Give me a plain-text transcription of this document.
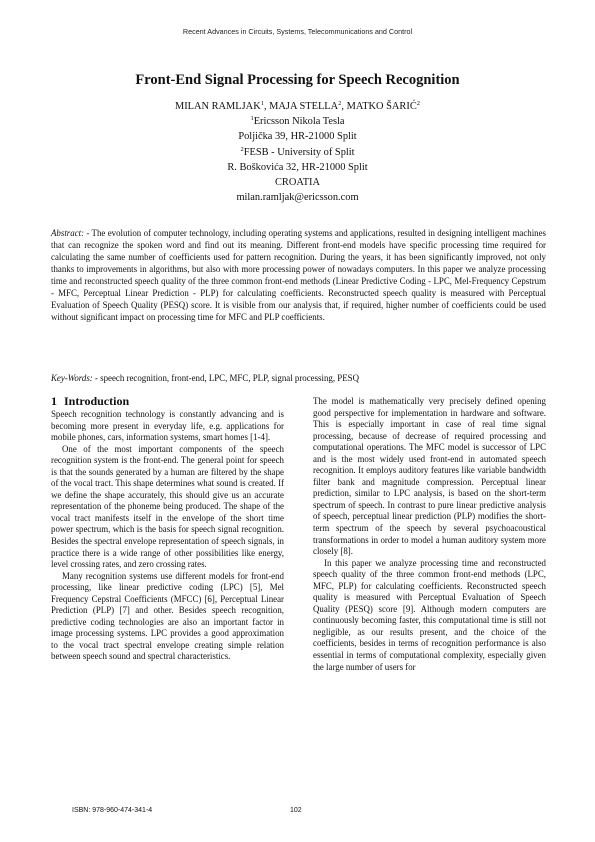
Recent Advances in Circuits, Systems, Telecommunications and Control
Front-End Signal Processing for Speech Recognition
MILAN RAMLJAK$^1$, MAJA STELLA$^2$, MATKO ŠARIĆ$^2$
$^1$Ericsson Nikola Tesla
Poljička 39, HR-21000 Split
$^2$FESB - University of Split
R. Boškovića 32, HR-21000 Split
CROATIA
milan.ramljak@ericsson.com
Abstract: - The evolution of computer technology, including operating systems and applications, resulted in designing intelligent machines that can recognize the spoken word and find out its meaning. Different front-end models have specific processing time required for calculating the same number of coefficients used for pattern recognition. During the years, it has been significantly improved, not only thanks to improvements in algorithms, but also with more processing power of nowadays computers. In this paper we analyze processing time and reconstructed speech quality of the three common front-end methods (Linear Predictive Coding - LPC, Mel-Frequency Cepstrum - MFC, Perceptual Linear Prediction - PLP) for calculating coefficients. Reconstructed speech quality is measured with Perceptual Evaluation of Speech Quality (PESQ) score. It is visible from our analysis that, if required, higher number of coefficients could be used without significant impact on processing time for MFC and PLP coefficients.
Key-Words: - speech recognition, front-end, LPC, MFC, PLP, signal processing, PESQ
1 Introduction

Speech recognition technology is constantly advancing and is becoming more present in everyday life, e.g. applications for mobile phones, cars, information systems, smart homes [1-4].

One of the most important components of the speech recognition system is the front-end. The general point for speech is that the sounds generated by a human are filtered by the shape of the vocal tract. This shape determines what sound is created. If we define the shape accurately, this should give us an accurate representation of the phoneme being produced. The shape of the vocal tract manifests itself in the envelope of the short time power spectrum, which is the basis for speech signal recognition. Besides the spectral envelope representation of speech signals, in practice there is a wide range of other possibilities like energy, level crossing rates, and zero crossing rates.

Many recognition systems use different models for front-end processing, like linear predictive coding (LPC) [5], Mel Frequency Cepstral Coefficients (MFCC) [6], Perceptual Linear Prediction (PLP) [7] and other. Besides speech recognition, predictive coding technologies are also an important factor in image processing systems. LPC provides a good approximation to the vocal tract spectral envelope creating simple relation between speech sound and spectral characteristics.

The model is mathematically very precisely defined opening good perspective for implementation in hardware and software. This is especially important in case of real time signal processing, because of decrease of required processing and computational operations. The MFC model is successor of LPC and is the most widely used front-end in automated speech recognition. It employs auditory features like variable bandwidth filter bank and magnitude compression. Perceptual linear prediction, similar to LPC analysis, is based on the short-term spectrum of speech. In contrast to pure linear predictive analysis of speech, perceptual linear prediction (PLP) modifies the short-term spectrum of the speech by several psychoacoustical transformations in order to model a human auditory system more closely [8].

In this paper we analyze processing time and reconstructed speech quality of the three common front-end methods (LPC, MFC, PLP) for calculating coefficients. Reconstructed speech quality is measured with Perceptual Evaluation of Speech Quality (PESQ) score [9]. Although modern computers are continuously becoming faster, this computational time is still not negligible, as our results present, and the choice of the coefficients, besides in terms of recognition performance is also essential in terms of computational complexity, especially given the large number of users for

ISBN: 978-960-474-341-4	102
